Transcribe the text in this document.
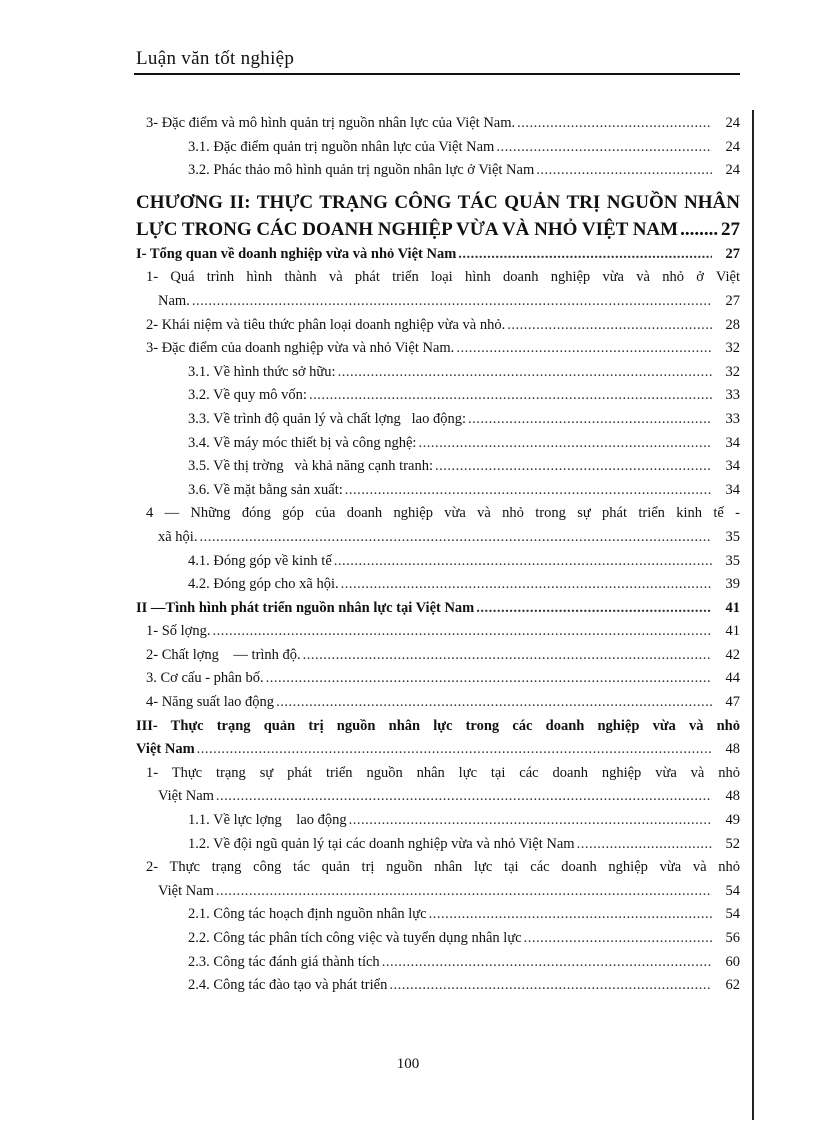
Luận văn tốt nghiệp
3- Đặc điểm và mô hình quản trị nguồn nhân lực của Việt Nam. .....	24
3.1. Đặc điểm quản trị nguồn nhân lực của Việt Nam .....	24
3.2. Phác thảo mô hình quản trị nguồn nhân lực ở Việt Nam .....	24
CHƯƠNG II: THỰC TRẠNG CÔNG TÁC QUẢN TRỊ NGUỒN NHÂN
LỰC TRONG CÁC DOANH NGHIỆP VỪA VÀ NHỎ VIỆT NAM ..... 27
I- Tổng quan về doanh nghiệp vừa và nhỏ Việt Nam .....	27
1- Quá trình hình thành và phát triển loại hình doanh nghiệp vừa và nhỏ ở Việt
Nam. .....	27
2- Khái niệm và tiêu thức phân loại doanh nghiệp vừa và nhỏ. .....	28
3- Đặc điểm của doanh nghiệp vừa và nhỏ Việt Nam. .....	32
3.1. Về hình thức sở hữu: .....	32
3.2. Về quy mô vốn: .....	33
3.3. Về trình độ quản lý và chất lợng   lao động: .....	33
3.4. Về máy móc thiết bị và công nghệ: .....	34
3.5. Về thị trờng   và khả năng cạnh tranh: .....	34
3.6. Về mặt bằng sản xuất: .....	34
4 — Những đóng góp của doanh nghiệp vừa và nhỏ trong sự phát triển kinh tế -
xã hội. .....	35
4.1. Đóng góp về kinh tế .....	35
4.2. Đóng góp cho xã hội. .....	39
II —Tình hình phát triển nguồn nhân lực tại Việt Nam .....	41
1- Số lợng. .....	41
2- Chất lợng    — trình độ. .....	42
3. Cơ cấu - phân bố. .....	44
4- Năng suất lao động .....	47
III- Thực trạng quản trị nguồn nhân lực trong các doanh nghiệp vừa và nhỏ
Việt Nam .....	48
1- Thực trạng sự phát triển nguồn nhân lực tại các doanh nghiệp vừa và nhỏ
Việt Nam .....	48
1.1. Về lực lợng    lao động .....	49
1.2. Về đội ngũ quản lý tại các doanh nghiệp vừa và nhỏ Việt Nam .....	52
2- Thực trạng công tác quản trị nguồn nhân lực tại các doanh nghiệp vừa và nhỏ
Việt Nam .....	54
2.1. Công tác hoạch định nguồn nhân lực .....	54
2.2. Công tác phân tích công việc và tuyển dụng nhân lực .....	56
2.3. Công tác đánh giá thành tích .....	60
2.4. Công tác đào tạo và phát triển .....	62
100
